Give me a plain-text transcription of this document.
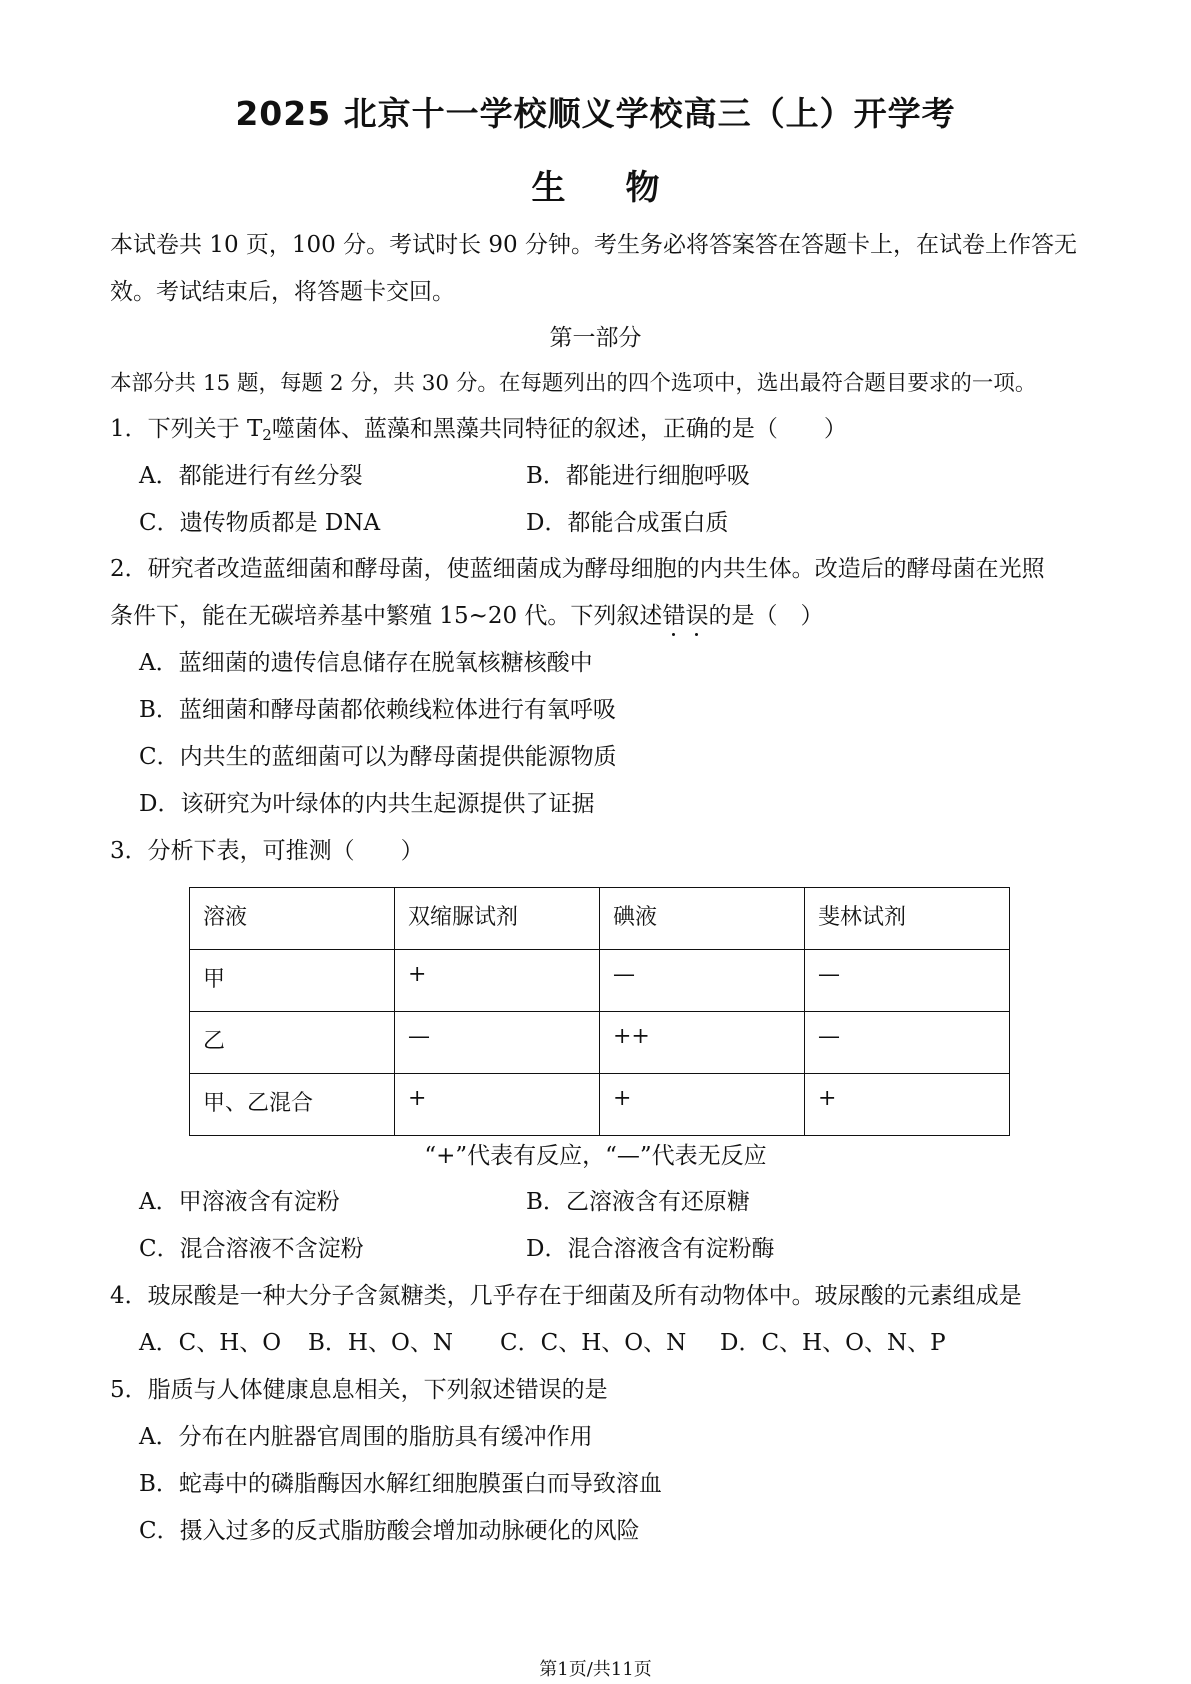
2025 北京十一学校顺义学校高三（上）开学考
生物
本试卷共 10 页，100 分。考试时长 90 分钟。考生务必将答案答在答题卡上，在试卷上作答无
效。考试结束后，将答题卡交回。
第一部分
本部分共 15 题，每题 2 分，共 30 分。在每题列出的四个选项中，选出最符合题目要求的一项。
1．下列关于 $T_2$噬菌体、蓝藻和黑藻共同特征的叙述，正确的是（　　）
A．都能进行有丝分裂	B．都能进行细胞呼吸
C．遗传物质都是 DNA	D．都能合成蛋白质
2．研究者改造蓝细菌和酵母菌，使蓝细菌成为酵母细胞的内共生体。改造后的酵母菌在光照
条件下，能在无碳培养基中繁殖 15~20 代。下列叙述错误的是（　）
A．蓝细菌的遗传信息储存在脱氧核糖核酸中
B．蓝细菌和酵母菌都依赖线粒体进行有氧呼吸
C．内共生的蓝细菌可以为酵母菌提供能源物质
D．该研究为叶绿体的内共生起源提供了证据
3．分析下表，可推测（　　）
溶液	双缩脲试剂	碘液	斐林试剂
甲	+	—	—
乙	—	++	—
甲、乙混合	+	+	+
“+”代表有反应，“—”代表无反应
A．甲溶液含有淀粉	B．乙溶液含有还原糖
C．混合溶液不含淀粉	D．混合溶液含有淀粉酶
4．玻尿酸是一种大分子含氮糖类，几乎存在于细菌及所有动物体中。玻尿酸的元素组成是
A．C、H、O B．H、O、N C．C、H、O、N D．C、H、O、N、P
5．脂质与人体健康息息相关，下列叙述错误的是
A．分布在内脏器官周围的脂肪具有缓冲作用
B．蛇毒中的磷脂酶因水解红细胞膜蛋白而导致溶血
C．摄入过多的反式脂肪酸会增加动脉硬化的风险
第1页/共11页
